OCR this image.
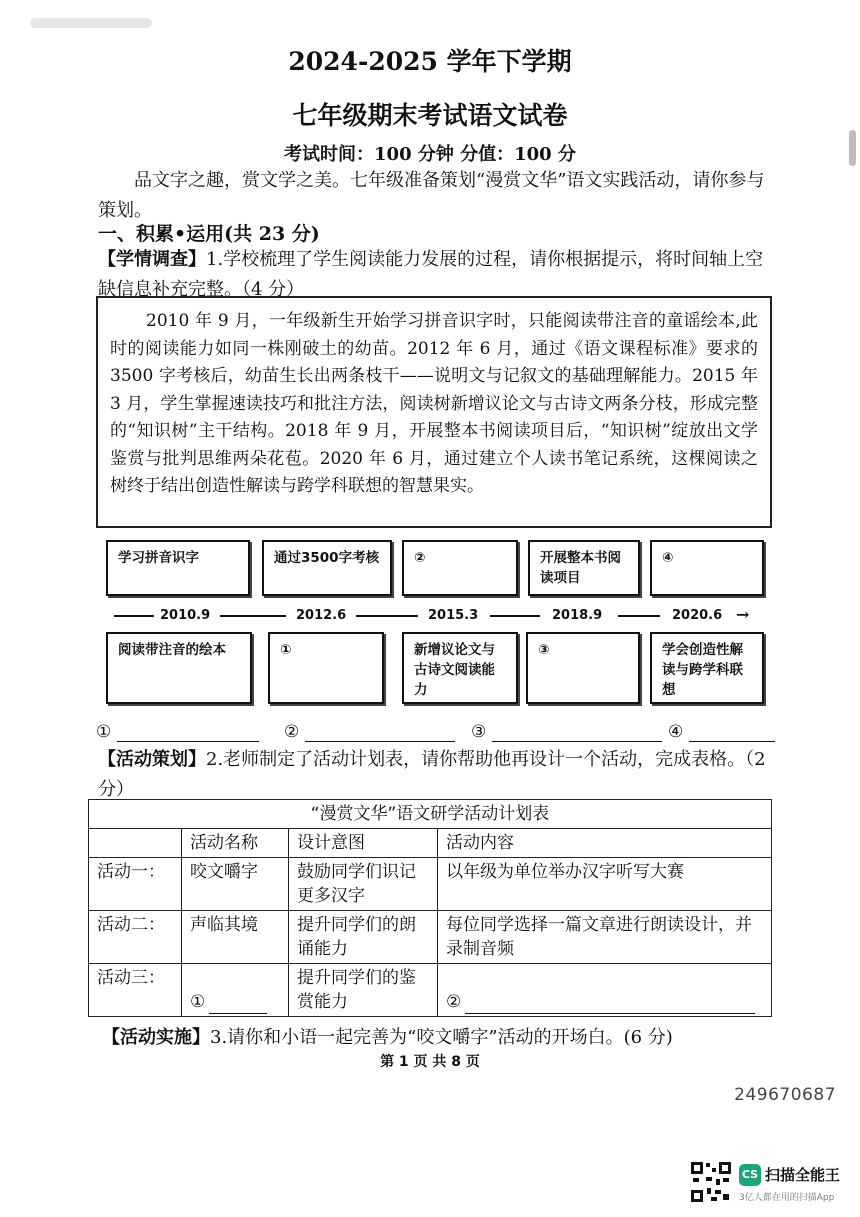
2024-2025 学年下学期
七年级期末考试语文试卷
考试时间：100 分钟 分值：100 分
品文字之趣，赏文学之美。七年级准备策划“漫赏文华”语文实践活动，请你参与策划。
一、积累•运用(共 23 分)
【学情调查】1.学校梳理了学生阅读能力发展的过程，请你根据提示，将时间轴上空缺信息补充完整。（4 分）
2010 年 9 月，一年级新生开始学习拼音识字时，只能阅读带注音的童谣绘本,此时的阅读能力如同一株刚破土的幼苗。2012 年 6 月，通过《语文课程标准》要求的 3500 字考核后，幼苗生长出两条枝干——说明文与记叙文的基础理解能力。2015 年 3 月，学生掌握速读技巧和批注方法，阅读树新增议论文与古诗文两条分枝，形成完整的“知识树”主干结构。2018 年 9 月，开展整本书阅读项目后，“知识树”绽放出文学鉴赏与批判思维两朵花苞。2020 年 6 月，通过建立个人读书笔记系统，这棵阅读之树终于结出创造性解读与跨学科联想的智慧果实。
学习拼音识字	通过3500字考核	②	开展整本书阅读项目
④
2010.9	2012.6	2015.3	2018.9	2020.6 →
阅读带注音的绘本	①	新增议论文与古诗文阅读能力
③	学会创造性解读与跨学科联想
①	②	③	④
【活动策划】2.老师制定了活动计划表，请你帮助他再设计一个活动，完成表格。（2 分）
“漫赏文华”语文研学活动计划表			
	活动名称	设计意图	活动内容
活动一：	咬文嚼字	鼓励同学们识记更多汉字	以年级为单位举办汉字听写大赛
活动二：	声临其境	提升同学们的朗诵能力	每位同学选择一篇文章进行朗读设计，并录制音频
活动三：	①	提升同学们的鉴赏能力	②
【活动实施】3.请你和小语一起完善为“咬文嚼字”活动的开场白。(6 分)
第 1 页 共 8 页
249670687
CS 扫描全能王
3亿人都在用的扫描App
